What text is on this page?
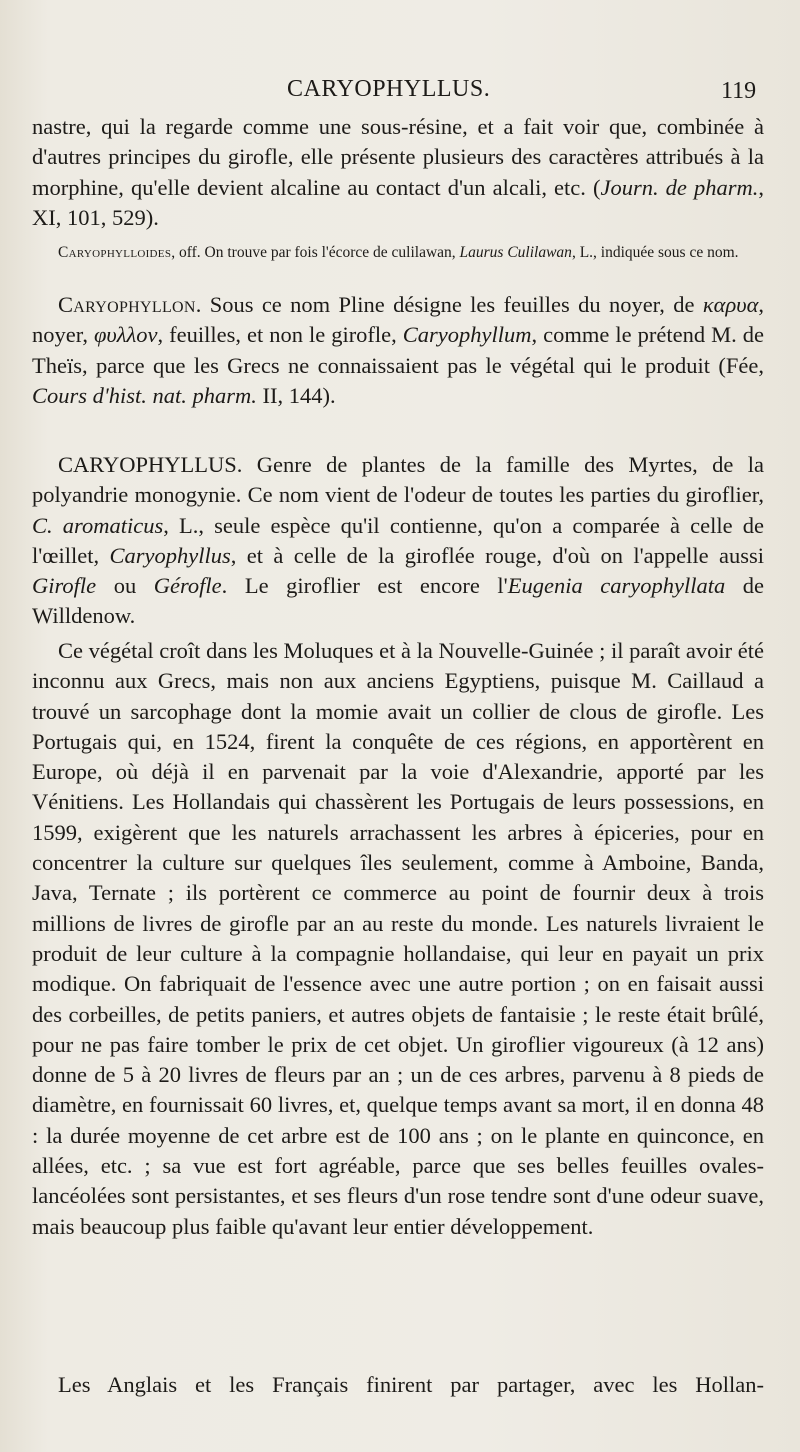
CARYOPHYLLUS.	119

nastre, qui la regarde comme une sous-résine, et a fait voir que, combinée à d'autres principes du girofle, elle présente plusieurs des caractères attribués à la morphine, qu'elle devient alcaline au contact d'un alcali, etc. (Journ. de pharm., XI, 101, 529).

Caryophylloides, off. On trouve par fois l'écorce de culilawan, Laurus Culilawan, L., indiquée sous ce nom.

Caryophyllon. Sous ce nom Pline désigne les feuilles du noyer, de καρυα, noyer, φυλλον, feuilles, et non le girofle, Caryophyllum, comme le prétend M. de Theïs, parce que les Grecs ne connaissaient pas le végétal qui le produit (Fée, Cours d'hist. nat. pharm. II, 144).

CARYOPHYLLUS. Genre de plantes de la famille des Myrtes, de la polyandrie monogynie. Ce nom vient de l'odeur de toutes les parties du giroflier, C. aromaticus, L., seule espèce qu'il contienne, qu'on a comparée à celle de l'œillet, Caryophyllus, et à celle de la giroflée rouge, d'où on l'appelle aussi Girofle ou Gérofle. Le giroflier est encore l'Eugenia caryophyllata de Willdenow.

Ce végétal croît dans les Moluques et à la Nouvelle-Guinée ; il paraît avoir été inconnu aux Grecs, mais non aux anciens Egyptiens, puisque M. Caillaud a trouvé un sarcophage dont la momie avait un collier de clous de girofle. Les Portugais qui, en 1524, firent la conquête de ces régions, en apportèrent en Europe, où déjà il en parvenait par la voie d'Alexandrie, apporté par les Vénitiens. Les Hollandais qui chassèrent les Portugais de leurs possessions, en 1599, exigèrent que les naturels arrachassent les arbres à épiceries, pour en concentrer la culture sur quelques îles seulement, comme à Amboine, Banda, Java, Ternate ; ils portèrent ce commerce au point de fournir deux à trois millions de livres de girofle par an au reste du monde. Les naturels livraient le produit de leur culture à la compagnie hollandaise, qui leur en payait un prix modique. On fabriquait de l'essence avec une autre portion ; on en faisait aussi des corbeilles, de petits paniers, et autres objets de fantaisie ; le reste était brûlé, pour ne pas faire tomber le prix de cet objet. Un giroflier vigoureux (à 12 ans) donne de 5 à 20 livres de fleurs par an ; un de ces arbres, parvenu à 8 pieds de diamètre, en fournissait 60 livres, et, quelque temps avant sa mort, il en donna 48 : la durée moyenne de cet arbre est de 100 ans ; on le plante en quinconce, en allées, etc. ; sa vue est fort agréable, parce que ses belles feuilles ovales-lancéolées sont persistantes, et ses fleurs d'un rose tendre sont d'une odeur suave, mais beaucoup plus faible qu'avant leur entier développement.

Les Anglais et les Français finirent par partager, avec les Hollan-
